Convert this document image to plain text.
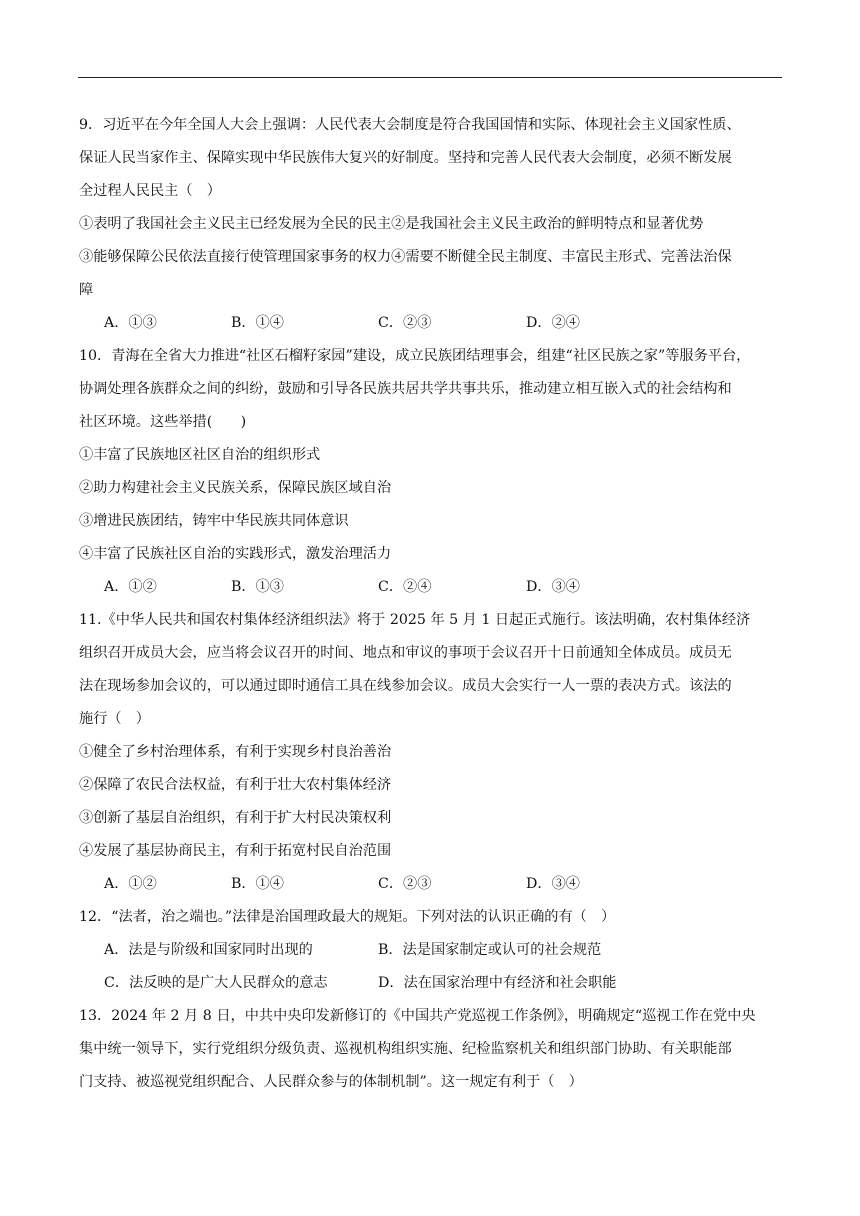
9．习近平在今年全国人大会上强调：人民代表大会制度是符合我国国情和实际、体现社会主义国家性质、
保证人民当家作主、保障实现中华民族伟大复兴的好制度。坚持和完善人民代表大会制度，必须不断发展
全过程人民民主（　）
①表明了我国社会主义民主已经发展为全民的民主②是我国社会主义民主政治的鲜明特点和显著优势
③能够保障公民依法直接行使管理国家事务的权力④需要不断健全民主制度、丰富民主形式、完善法治保
障
A．①③	B．①④	C．②③	D．②④
10．青海在全省大力推进“社区石榴籽家园”建设，成立民族团结理事会，组建“社区民族之家”等服务平台，
协调处理各族群众之间的纠纷，鼓励和引导各民族共居共学共事共乐，推动建立相互嵌入式的社会结构和
社区环境。这些举措(　　)
①丰富了民族地区社区自治的组织形式
②助力构建社会主义民族关系，保障民族区域自治
③增进民族团结，铸牢中华民族共同体意识
④丰富了民族社区自治的实践形式，激发治理活力
A．①②	B．①③	C．②④	D．③④
11.《中华人民共和国农村集体经济组织法》将于 2025 年 5 月 1 日起正式施行。该法明确，农村集体经济
组织召开成员大会，应当将会议召开的时间、地点和审议的事项于会议召开十日前通知全体成员。成员无
法在现场参加会议的，可以通过即时通信工具在线参加会议。成员大会实行一人一票的表决方式。该法的
施行（　）
①健全了乡村治理体系，有利于实现乡村良治善治
②保障了农民合法权益，有利于壮大农村集体经济
③创新了基层自治组织，有利于扩大村民决策权利
④发展了基层协商民主，有利于拓宽村民自治范围
A．①②	B．①④	C．②③	D．③④
12．“法者，治之端也。”法律是治国理政最大的规矩。下列对法的认识正确的有（　）
A．法是与阶级和国家同时出现的	B．法是国家制定或认可的社会规范
C．法反映的是广大人民群众的意志	D．法在国家治理中有经济和社会职能
13．2024 年 2 月 8 日，中共中央印发新修订的《中国共产党巡视工作条例》，明确规定“巡视工作在党中央
集中统一领导下，实行党组织分级负责、巡视机构组织实施、纪检监察机关和组织部门协助、有关职能部
门支持、被巡视党组织配合、人民群众参与的体制机制”。这一规定有利于（　）
